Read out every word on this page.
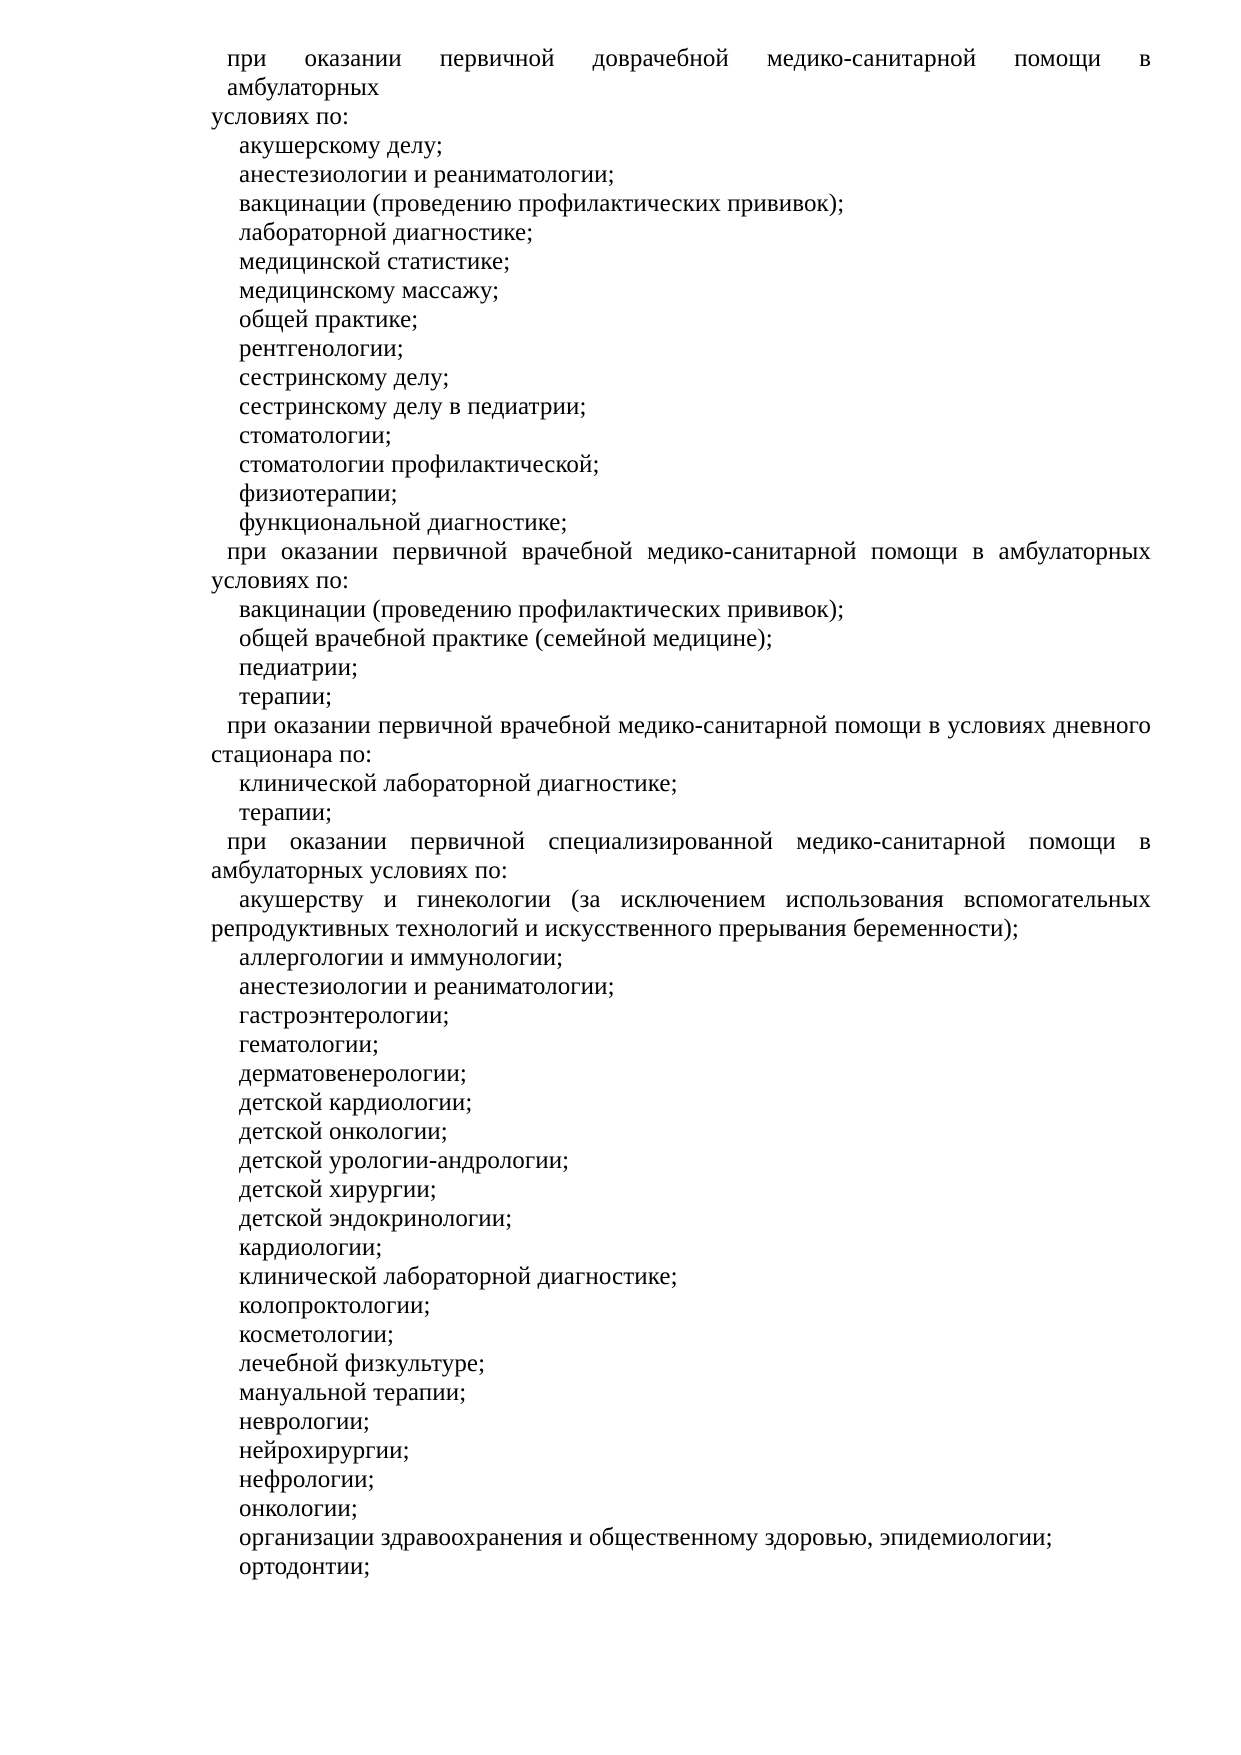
при  оказании  первичной  доврачебной  медико-санитарной  помощи  в  амбулаторных
условиях по:
акушерскому делу;
анестезиологии и реаниматологии;
вакцинации (проведению профилактических прививок);
лабораторной диагностике;
медицинской статистике;
медицинскому массажу;
общей практике;
рентгенологии;
сестринскому делу;
сестринскому делу в педиатрии;
стоматологии;
стоматологии профилактической;
физиотерапии;
функциональной диагностике;
при  оказании  первичной  врачебной  медико-санитарной  помощи  в  амбулаторных
условиях по:
вакцинации (проведению профилактических прививок);
общей врачебной практике (семейной медицине);
педиатрии;
терапии;
при оказании первичной врачебной медико-санитарной помощи в условиях дневного
стационара по:
клинической лабораторной диагностике;
терапии;
при  оказании  первичной  специализированной  медико-санитарной  помощи  в
амбулаторных условиях по:
акушерству  и  гинекологии  (за  исключением  использования  вспомогательных
репродуктивных технологий и искусственного прерывания беременности);
аллергологии и иммунологии;
анестезиологии и реаниматологии;
гастроэнтерологии;
гематологии;
дерматовенерологии;
детской кардиологии;
детской онкологии;
детской урологии-андрологии;
детской хирургии;
детской эндокринологии;
кардиологии;
клинической лабораторной диагностике;
колопроктологии;
косметологии;
лечебной физкультуре;
мануальной терапии;
неврологии;
нейрохирургии;
нефрологии;
онкологии;
организации здравоохранения и общественному здоровью, эпидемиологии;
ортодонтии;
